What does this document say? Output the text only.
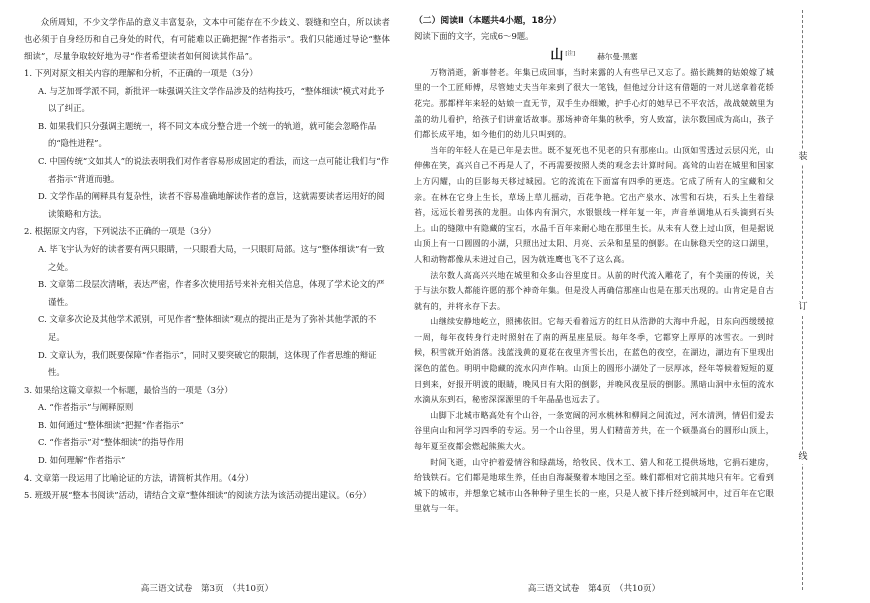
众所周知，不少文学作品的意义丰富复杂，文本中可能存在不少歧义、裂缝和空白，所以读者也必须于自身经历和自己身处的时代，有可能难以正确把握“作者指示”。我们只能通过导论“整体细读”，尽量争取较好地为寻“作者希望读者如何阅读其作品”。

1. 下列对原文相关内容的理解和分析，不正确的一项是（3分）
A. 与芝加哥学派不同，新批评一味强调关注文学作品涉及的结构技巧，“整体细读”模式对此予以了纠正。
B. 如果我们只分强调主题统一，将不同文本成分整合进一个统一的轨道，就可能会忽略作品的“隐性进程”。
C. 中国传统“文如其人”的说法表明我们对作者容易形成固定的看法，而这一点可能让我们与“作者指示”背道而驰。
D. 文学作品的阐释具有复杂性，读者不容易准确地解读作者的意旨，这就需要读者运用好的阅读策略和方法。
2. 根据原文内容，下列说法不正确的一项是（3分）
A. 毕飞宇认为好的读者要有两只眼睛，一只眼看大局，一只眼盯局部。这与“整体细读”有一致之处。
B. 文章第二段层次清晰，表达严密，作者多次使用括号来补充相关信息，体现了学术论文的严谨性。
C. 文章多次论及其他学术派别，可见作者“整体细读”观点的提出正是为了弥补其他学派的不足。
D. 文章认为，我们既要保障“作者指示”，同时又要突破它的限制，这体现了作者思维的辩证性。
3. 如果给这篇文章拟一个标题，最恰当的一项是（3分）
A. “作者指示”与阐释原则
B. 如何通过“整体细读”把握“作者指示”
C. “作者指示”对“整体细读”的指导作用
D. 如何理解“作者指示”
4. 文章第一段运用了比喻论证的方法，请简析其作用。（4分）
5. 班级开展“整本书阅读”活动，请结合文章“整体细读”的阅读方法为该活动提出建议。（6分）
高三语文试卷　第3页　（共10页）
（二）阅读Ⅱ（本题共4小题，18分）
阅读下面的文字，完成6～9题。
山[注]	赫尔曼·黑塞

万物消逝，新事替老。年集已成回事，当时来露的人有些早已又忘了。描长跳舞的姑娘嫁了城里的一个工匠师傅，尽管她丈夫当年来到了很大一笔钱，但他过分计这有借题的一对儿送拿着花轿花完。那都样年来轻的姑娘一直无节，双手生办细嫩，护手心灯的她早已不平农活，战战兢兢里为盖的幼儿看护，给孩子们讲童话故事。那场神奇年集的秋季，穷人致富，法尔数国成为高山，孩子们都长成平地，如今他们的幼儿只叫到的。

当年的年轻人在是已年是去世。既不复死也不见老的只有那座山。山顶如雪透过云层闪光，山伸佛在笑，高兴自己不再是人了，不再需要按照人类的观念去计算时间。高耸的山岩在城里和国家上方闪耀，山的巨影每天移过城园。它的流流在下面富有四季的更迭。它成了所有人的宝藏和父亲。在林在它身上生长，草场上草儿摇动，百花争艳。它出产泉水、冰雪和石块，石头上生着绿苔，远远长着男孩的龙胆。山体内有洞穴，水银银线一样年复一年，声音单调地从石头滴到石头上。山的缝隙中有隐藏的宝石，水晶千百年来耐心地在那里生长。从未有人登上过山顶，但是据说山顶上有一口圆圆的小湖，只照出过太阳、月亮、云朵和星星的倒影。在山脉稳天空的这口湖里，人和动物都像从未进过自己，因为就连鹰也飞不了这么高。

法尔数人高高兴兴地在城里和众多山谷里度日。从前的时代流入雕花了，有个美丽的传说，关于与法尔数人都能许愿的那个神奇年集。但是没人再确信那座山也是在那天出现的。山肯定是自古就有的，并将永存下去。

山继续安静地屹立，照拂依旧。它每天看着远方的红日从浩渺的大海中升起，日东向西缓缓掠一周，每年夜转身行走时照射在了南的两星座星辰。每年冬季，它都穿上厚厚的冰雪衣。一到时候，积雪就开始消落。浅蓝浅黄的夏花在夜里齐雪长出，在蓝色的夜空，在湖边，湖边有下里现出深色的蓝色。明明中隐藏的流水闪声作响。山顶上的圆形小湖处了一层厚冰，经年等候着短短的夏日到来，好报开明波的眼睛，晚风日有大阳的倒影，并晚风夜星辰的倒影。黑暗山洞中永恒的流水水滴从东到石，秘密深深源里的千年晶晶也远去了。

山脚下北城市略高处有个山谷，一条宽阔的河水桃林和柳间之间流过，河水清洌，情侣们爱去谷里向山和河学习四季的专运。另一个山谷里，男人们精苗芳共，在一个硕墨高台的圆形山顶上，每年夏至夜都会燃起熊熊大火。

时间飞逝，山守护着爱情谷和绿蔬场，给牧民、伐木工、猎人和花工提供场地，它捐石建房，给钱铁石。它们都是地球生养，任由自海凝聚着本地国之至。蛛们都相对它前其地只有年。它看到城下的城市，并想象它城市山各种种子里生长的一座，只是人被下排斤经到城河中，过百年在它眼里就与一年。

高三语文试卷　第4页　（共10页）
装
订
线
